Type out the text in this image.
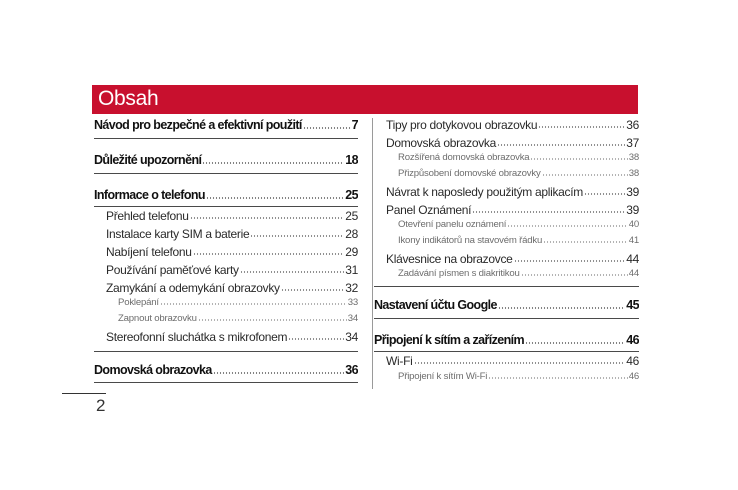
Obsah
Návod pro bezpečné a efektivní použití	7
Důležité upozornění	18
Informace o telefonu	25
Přehled telefonu	25
Instalace karty SIM a baterie	28
Nabíjení telefonu	29
Používání paměťové karty	31
Zamykání a odemykání obrazovky	32
Poklepání	33
Zapnout obrazovku	34
Stereofonní sluchátka s mikrofonem	34
Domovská obrazovka	36
Tipy pro dotykovou obrazovku	36
Domovská obrazovka	37
Rozšířená domovská obrazovka	38
Přizpůsobení domovské obrazovky	38
Návrat k naposledy použitým aplikacím	39
Panel Oznámení	39
Otevření panelu oznámení	40
Ikony indikátorů na stavovém řádku	41
Klávesnice na obrazovce	44
Zadávání písmen s diakritikou	44
Nastavení účtu Google	45
Připojení k sítím a zařízením	46
Wi-Fi	46
Připojení k sítím Wi-Fi	46
2
